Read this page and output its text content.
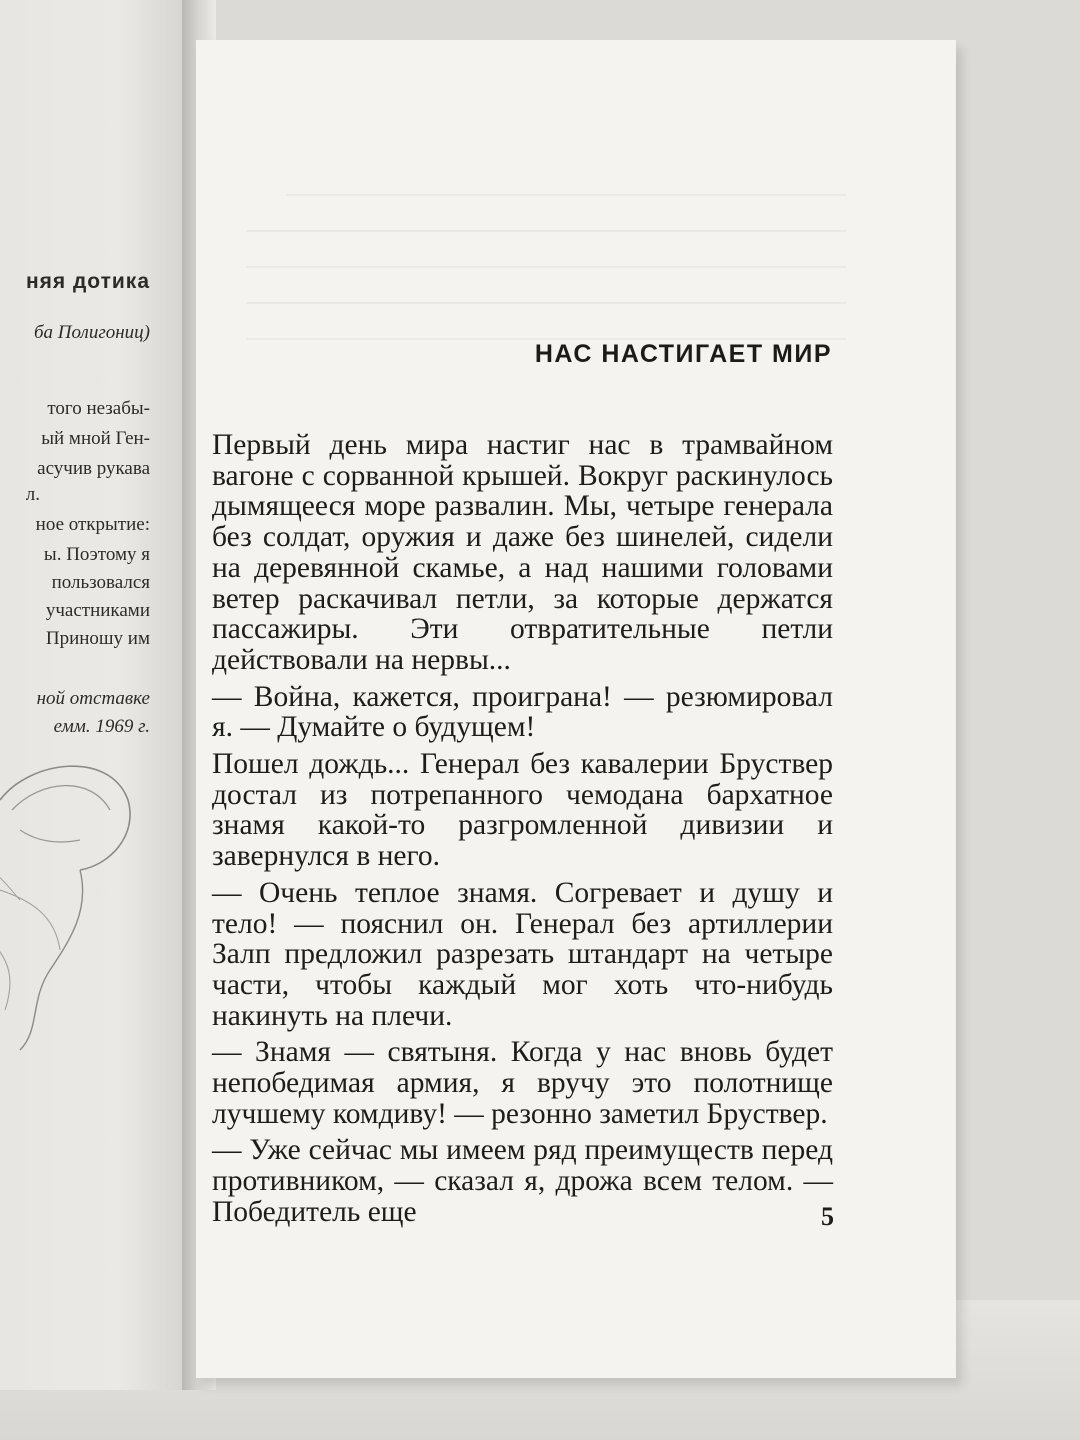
няя дотика

ба Полигониц)

того незабы-

ый мной Ген-

асучив рукава

л.

ное открытие:

ы. Поэтому я

пользовался

участниками

Приношу им

ной отставке

емм. 1969 г.

НАС НАСТИГАЕТ МИР

Первый день мира настиг нас в трамвайном вагоне с сорванной крышей. Вокруг раскинулось дымящееся море развалин. Мы, четыре генерала без солдат, оружия и даже без шинелей, сидели на деревянной скамье, а над нашими головами ветер раскачивал петли, за которые держатся пассажиры. Эти отвратительные петли действовали на нервы...

— Война, кажется, проиграна! — резюмировал я. — Думайте о будущем!

Пошел дождь... Генерал без кавалерии Бруствер достал из потрепанного чемодана бархатное знамя какой-то разгромленной дивизии и завернулся в него.

— Очень теплое знамя. Согревает и душу и тело! — пояснил он. Генерал без артиллерии Залп предложил разрезать штандарт на четыре части, чтобы каждый мог хоть что-нибудь накинуть на плечи.

— Знамя — святыня. Когда у нас вновь будет непобедимая армия, я вручу это полотнище лучшему комдиву! — резонно заметил Бруствер.

— Уже сейчас мы имеем ряд преимуществ перед противником, — сказал я, дрожа всем телом. — Победитель еще	5
